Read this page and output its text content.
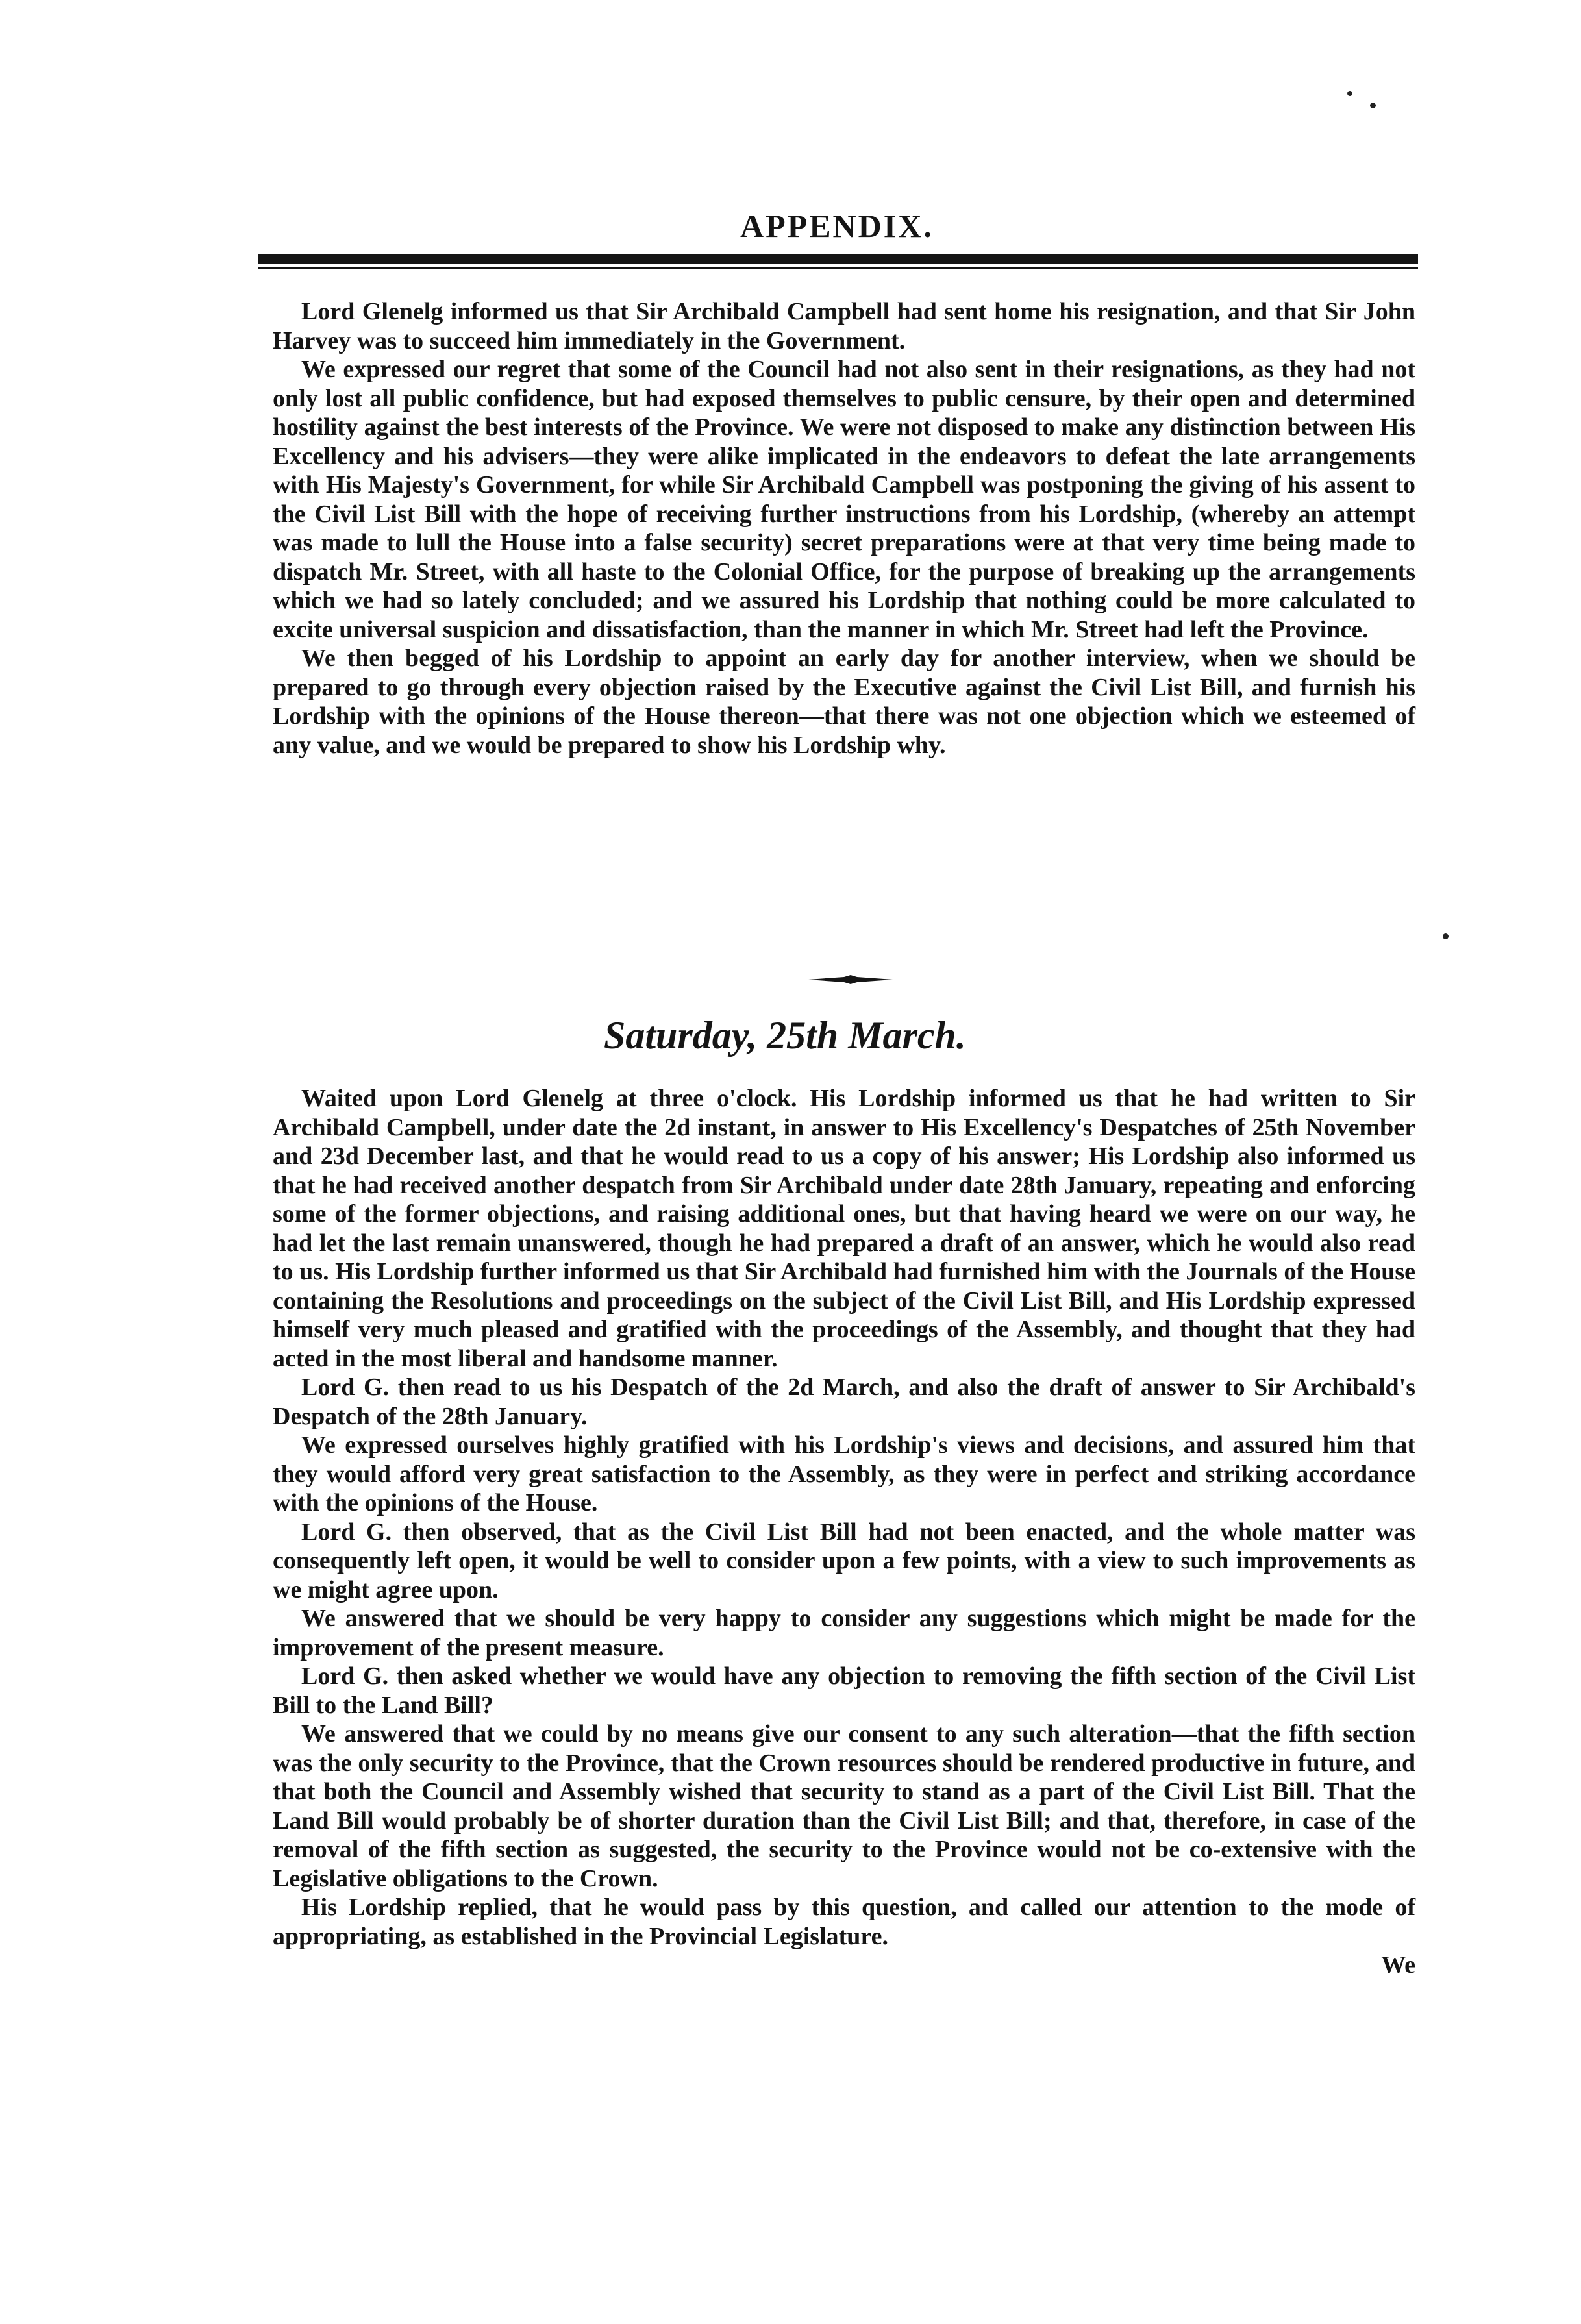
APPENDIX.

Lord Glenelg informed us that Sir Archibald Campbell had sent home his resignation, and that Sir John Harvey was to succeed him immediately in the Government.

We expressed our regret that some of the Council had not also sent in their resignations, as they had not only lost all public confidence, but had exposed themselves to public censure, by their open and determined hostility against the best interests of the Province. We were not disposed to make any distinction between His Excellency and his advisers—they were alike implicated in the endeavors to defeat the late arrangements with His Majesty's Government, for while Sir Archibald Campbell was postponing the giving of his assent to the Civil List Bill with the hope of receiving further instructions from his Lordship, (whereby an attempt was made to lull the House into a false security) secret preparations were at that very time being made to dispatch Mr. Street, with all haste to the Colonial Office, for the purpose of breaking up the arrangements which we had so lately concluded; and we assured his Lordship that nothing could be more calculated to excite universal suspicion and dissatisfaction, than the manner in which Mr. Street had left the Province.

We then begged of his Lordship to appoint an early day for another interview, when we should be prepared to go through every objection raised by the Executive against the Civil List Bill, and furnish his Lordship with the opinions of the House thereon—that there was not one objection which we esteemed of any value, and we would be prepared to show his Lordship why.

Saturday, 25th March.

Waited upon Lord Glenelg at three o'clock. His Lordship informed us that he had written to Sir Archibald Campbell, under date the 2d instant, in answer to His Excellency's Despatches of 25th November and 23d December last, and that he would read to us a copy of his answer; His Lordship also informed us that he had received another despatch from Sir Archibald under date 28th January, repeating and enforcing some of the former objections, and raising additional ones, but that having heard we were on our way, he had let the last remain unanswered, though he had prepared a draft of an answer, which he would also read to us. His Lordship further informed us that Sir Archibald had furnished him with the Journals of the House containing the Resolutions and proceedings on the subject of the Civil List Bill, and His Lordship expressed himself very much pleased and gratified with the proceedings of the Assembly, and thought that they had acted in the most liberal and handsome manner.

Lord G. then read to us his Despatch of the 2d March, and also the draft of answer to Sir Archibald's Despatch of the 28th January.

We expressed ourselves highly gratified with his Lordship's views and decisions, and assured him that they would afford very great satisfaction to the Assembly, as they were in perfect and striking accordance with the opinions of the House.

Lord G. then observed, that as the Civil List Bill had not been enacted, and the whole matter was consequently left open, it would be well to consider upon a few points, with a view to such improvements as we might agree upon.

We answered that we should be very happy to consider any suggestions which might be made for the improvement of the present measure.

Lord G. then asked whether we would have any objection to removing the fifth section of the Civil List Bill to the Land Bill?

We answered that we could by no means give our consent to any such alteration—that the fifth section was the only security to the Province, that the Crown resources should be rendered productive in future, and that both the Council and Assembly wished that security to stand as a part of the Civil List Bill. That the Land Bill would probably be of shorter duration than the Civil List Bill; and that, therefore, in case of the removal of the fifth section as suggested, the security to the Province would not be co-extensive with the Legislative obligations to the Crown.

His Lordship replied, that he would pass by this question, and called our attention to the mode of appropriating, as established in the Provincial Legislature.

We
